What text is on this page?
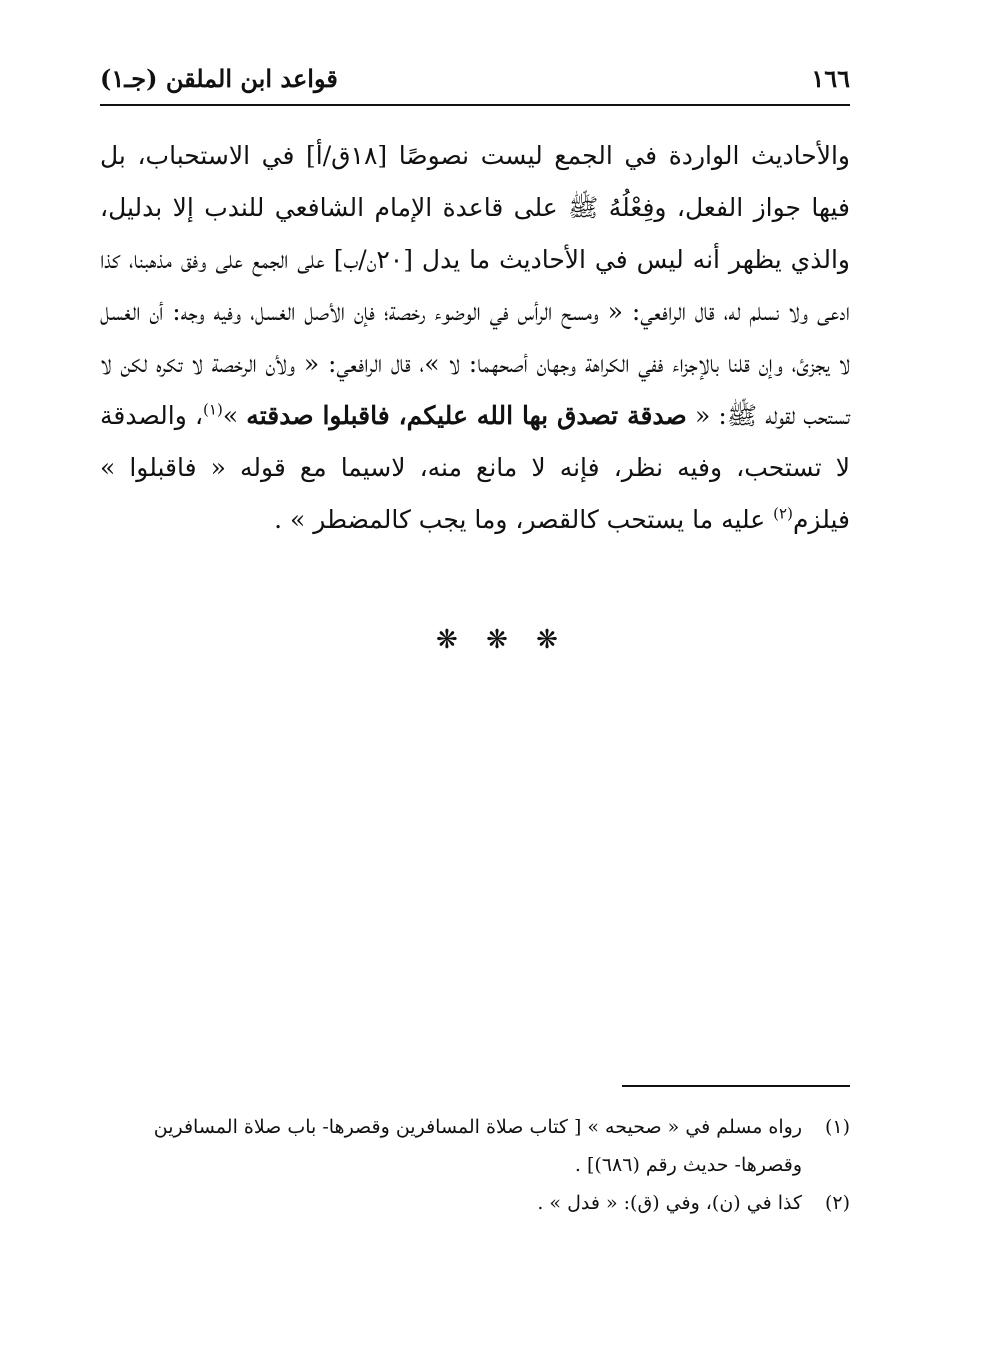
١٦٦
قواعد ابن الملقن (جـ١)

والأحاديث الواردة في الجمع ليست نصوصًا [١٨ق/أ] في الاستحباب، بل فيها جواز الفعل، وفِعْلُهُ ﷺ على قاعدة الإمام الشافعي للندب إلا بدليل، والذي يظهر أنه ليس في الأحاديث ما يدل [٢٠ن/ب] على الجمع على وفق مذهبنا، كذا ادعى ولا نسلم له، قال الرافعي: « ومسح الرأس في الوضوء رخصة؛ فإن الأصل الغسل، وفيه وجه: أن الغسل لا يجزئ، وإن قلنا بالإجزاء ففي الكراهة وجهان أصحهما: لا »، قال الرافعي: « ولأن الرخصة لا تكره لكن لا تستحب لقوله ﷺ: « صدقة تصدق بها الله عليكم، فاقبلوا صدقته »$^{(١)}$، والصدقة لا تستحب، وفيه نظر، فإنه لا مانع منه، لاسيما مع قوله « فاقبلوا » فيلزم$^{(٢)}$ عليه ما يستحب كالقصر، وما يجب كالمضطر » .

❋ ❋ ❋
(١)
رواه مسلم في « صحيحه » [ كتاب صلاة المسافرين وقصرها- باب صلاة المسافرين وقصرها- حديث رقم (٦٨٦)] .
(٢)
كذا في (ن)، وفي (ق): « فدل » .
